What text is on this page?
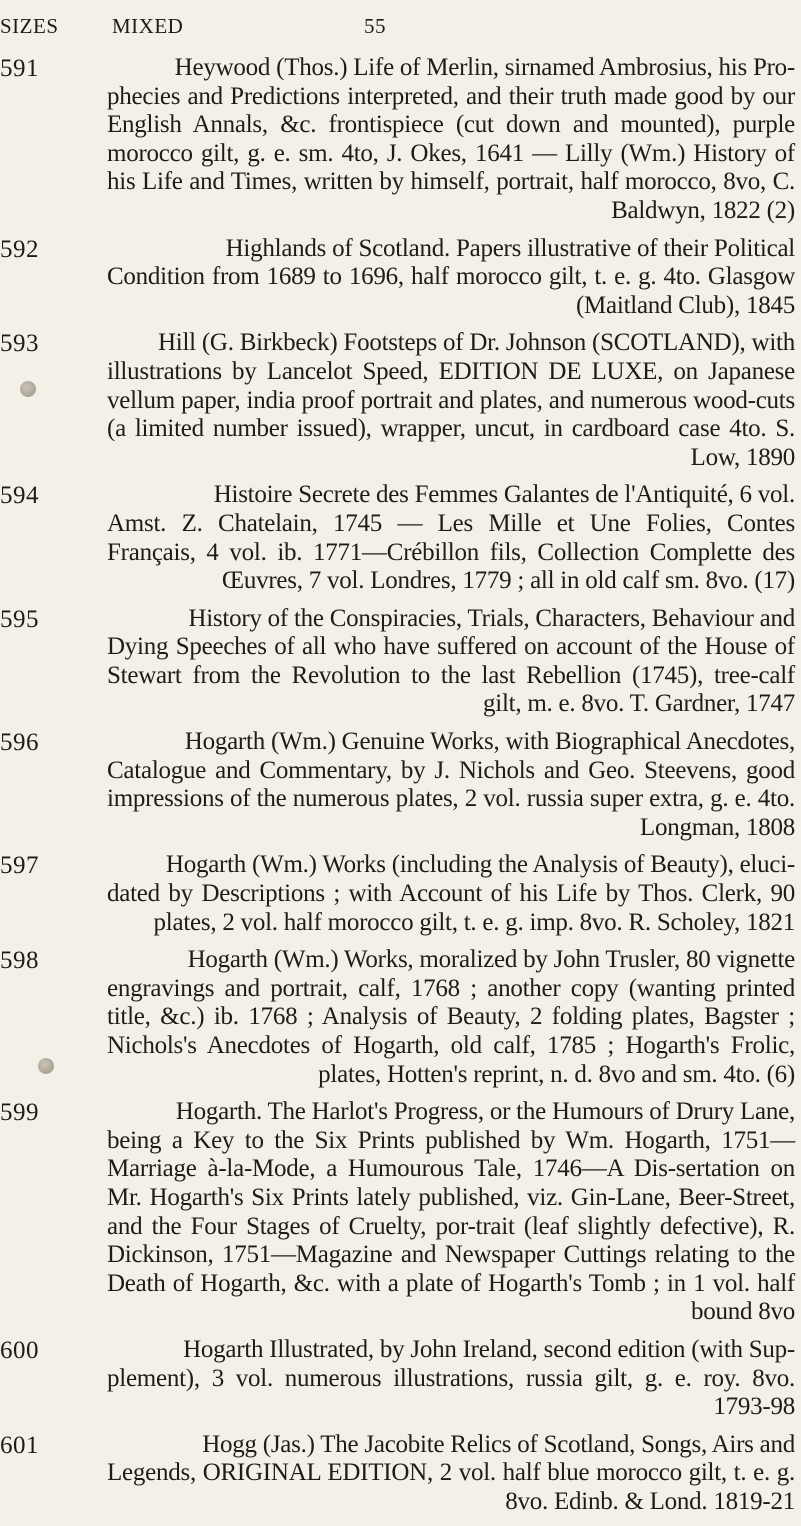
SIZES	MIXED	55
591	Heywood (Thos.) Life of Merlin, sirnamed Ambrosius, his Pro-
phecies and Predictions interpreted, and their truth made good by our English Annals, &c. frontispiece (cut down and mounted), purple morocco gilt, g. e. sm. 4to, J. Okes, 1641 — Lilly (Wm.) History of his Life and Times, written by himself, portrait, half morocco, 8vo, C. Baldwyn, 1822 (2)
592	Highlands of Scotland. Papers illustrative of their Political
Condition from 1689 to 1696, half morocco gilt, t. e. g. 4to. Glasgow (Maitland Club), 1845
593	Hill (G. Birkbeck) Footsteps of Dr. Johnson (SCOTLAND), with
illustrations by Lancelot Speed, EDITION DE LUXE, on Japanese vellum paper, india proof portrait and plates, and numerous wood-cuts (a limited number issued), wrapper, uncut, in cardboard case 4to. S. Low, 1890
594	Histoire Secrete des Femmes Galantes de l'Antiquité, 6 vol.
Amst. Z. Chatelain, 1745 — Les Mille et Une Folies, Contes Français, 4 vol. ib. 1771—Crébillon fils, Collection Complette des Œuvres, 7 vol. Londres, 1779 ; all in old calf sm. 8vo. (17)
595	History of the Conspiracies, Trials, Characters, Behaviour and
Dying Speeches of all who have suffered on account of the House of Stewart from the Revolution to the last Rebellion (1745), tree-calf gilt, m. e. 8vo. T. Gardner, 1747
596	Hogarth (Wm.) Genuine Works, with Biographical Anecdotes,
Catalogue and Commentary, by J. Nichols and Geo. Steevens, good impressions of the numerous plates, 2 vol. russia super extra, g. e. 4to. Longman, 1808
597	Hogarth (Wm.) Works (including the Analysis of Beauty), eluci-
dated by Descriptions ; with Account of his Life by Thos. Clerk, 90 plates, 2 vol. half morocco gilt, t. e. g. imp. 8vo. R. Scholey, 1821
598	Hogarth (Wm.) Works, moralized by John Trusler, 80 vignette
engravings and portrait, calf, 1768 ; another copy (wanting printed title, &c.) ib. 1768 ; Analysis of Beauty, 2 folding plates, Bagster ; Nichols's Anecdotes of Hogarth, old calf, 1785 ; Hogarth's Frolic, plates, Hotten's reprint, n. d. 8vo and sm. 4to. (6)
599	Hogarth. The Harlot's Progress, or the Humours of Drury Lane,
being a Key to the Six Prints published by Wm. Hogarth, 1751—Marriage à-la-Mode, a Humourous Tale, 1746—A Dis-sertation on Mr. Hogarth's Six Prints lately published, viz. Gin-Lane, Beer-Street, and the Four Stages of Cruelty, por-trait (leaf slightly defective), R. Dickinson, 1751—Magazine and Newspaper Cuttings relating to the Death of Hogarth, &c. with a plate of Hogarth's Tomb ; in 1 vol. half bound 8vo
600	Hogarth Illustrated, by John Ireland, second edition (with Sup-
plement), 3 vol. numerous illustrations, russia gilt, g. e. roy. 8vo. 1793-98
601	Hogg (Jas.) The Jacobite Relics of Scotland, Songs, Airs and
Legends, ORIGINAL EDITION, 2 vol. half blue morocco gilt, t. e. g. 8vo. Edinb. & Lond. 1819-21
